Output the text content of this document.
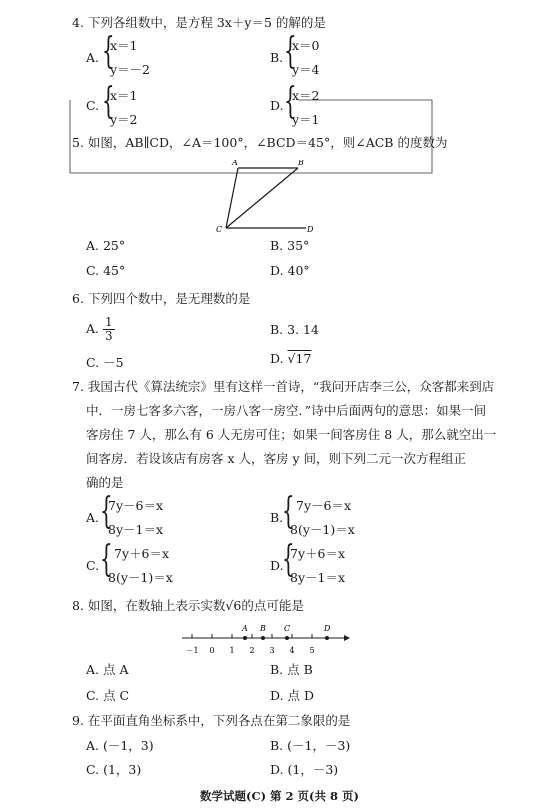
4. 下列各组数中，是方程 3x＋y＝5 的解的是
A. {
x＝1
y＝－2
B. {
x＝0
y＝4
C. {
x＝1
y＝2
D. {
x＝2
y＝1
5. 如图，AB∥CD，∠A＝100°，∠BCD＝45°，则∠ACB 的度数为
A	B
C	D
A. 25°	B. 35°
C. 45°	D. 40°
6. 下列四个数中，是无理数的是
A. $\frac{1}{3}$	B. 3. 14
C. －5	D. √17
7. 我国古代《算法统宗》里有这样一首诗，“我问开店李三公，众客都来到店
中．一房七客多六客，一房八客一房空．”诗中后面两句的意思：如果一间
客房住 7 人，那么有 6 人无房可住；如果一间客房住 8 人，那么就空出一
间客房．若设该店有房客 x 人，客房 y 间，则下列二元一次方程组正
确的是
A. {
7y－6＝x
8y－1＝x
B.
{ 7y－6＝x
8(y－1)＝x
C. { 7y＋6＝x
8(y－1)＝x
D.
{
7y＋6＝x
8y－1＝x
8. 如图，在数轴上表示实数√6的点可能是
－1 0 1 2 3 4 5
A B C	D
A. 点 A	B. 点 B
C. 点 C	D. 点 D
9. 在平面直角坐标系中，下列各点在第二象限的是
A. (－1，3)	B. (－1，－3)
C. (1，3)	D. (1，－3)
数学试题(C) 第 2 页(共 8 页)
